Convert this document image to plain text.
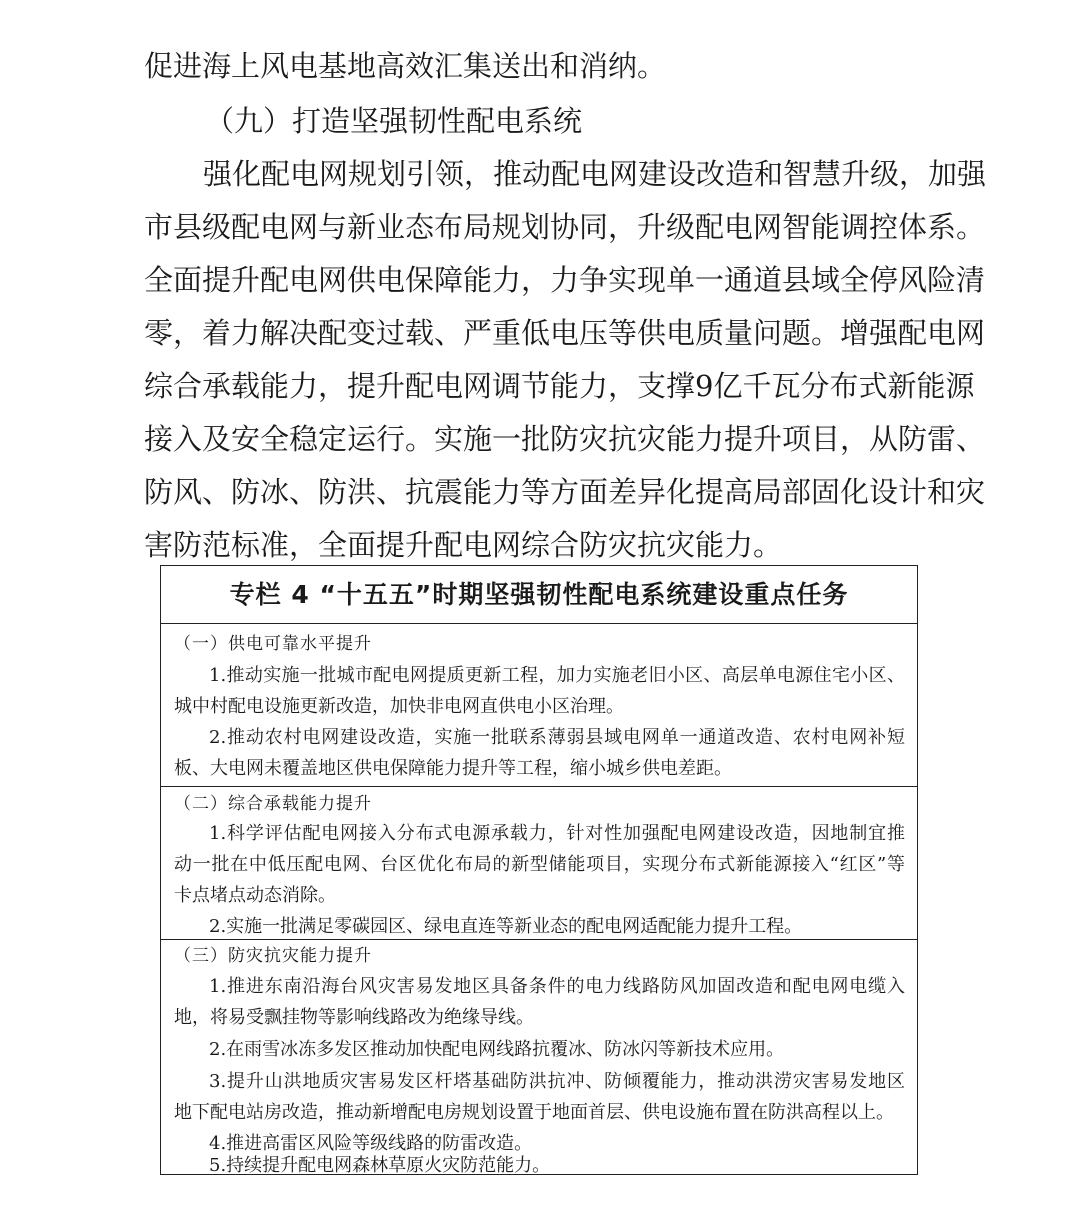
促进海上风电基地高效汇集送出和消纳。
（九）打造坚强韧性配电系统
强化配电网规划引领，推动配电网建设改造和智慧升级，加强
市县级配电网与新业态布局规划协同，升级配电网智能调控体系。
全面提升配电网供电保障能力，力争实现单一通道县域全停风险清
零，着力解决配变过载、严重低电压等供电质量问题。增强配电网
综合承载能力，提升配电网调节能力，支撑9亿千瓦分布式新能源
接入及安全稳定运行。实施一批防灾抗灾能力提升项目，从防雷、
防风、防冰、防洪、抗震能力等方面差异化提高局部固化设计和灾
害防范标准，全面提升配电网综合防灾抗灾能力。
专栏 4 “十五五”时期坚强韧性配电系统建设重点任务
（一）供电可靠水平提升
1.推动实施一批城市配电网提质更新工程，加力实施老旧小区、高层单电源住宅小区、
城中村配电设施更新改造，加快非电网直供电小区治理。
2.推动农村电网建设改造，实施一批联系薄弱县域电网单一通道改造、农村电网补短
板、大电网未覆盖地区供电保障能力提升等工程，缩小城乡供电差距。
（二）综合承载能力提升
1.科学评估配电网接入分布式电源承载力，针对性加强配电网建设改造，因地制宜推
动一批在中低压配电网、台区优化布局的新型储能项目，实现分布式新能源接入“红区”等
卡点堵点动态消除。
2.实施一批满足零碳园区、绿电直连等新业态的配电网适配能力提升工程。
（三）防灾抗灾能力提升
1.推进东南沿海台风灾害易发地区具备条件的电力线路防风加固改造和配电网电缆入
地，将易受飘挂物等影响线路改为绝缘导线。
2.在雨雪冰冻多发区推动加快配电网线路抗覆冰、防冰闪等新技术应用。
3.提升山洪地质灾害易发区杆塔基础防洪抗冲、防倾覆能力，推动洪涝灾害易发地区
地下配电站房改造，推动新增配电房规划设置于地面首层、供电设施布置在防洪高程以上。
4.推进高雷区风险等级线路的防雷改造。
5.持续提升配电网森林草原火灾防范能力。
